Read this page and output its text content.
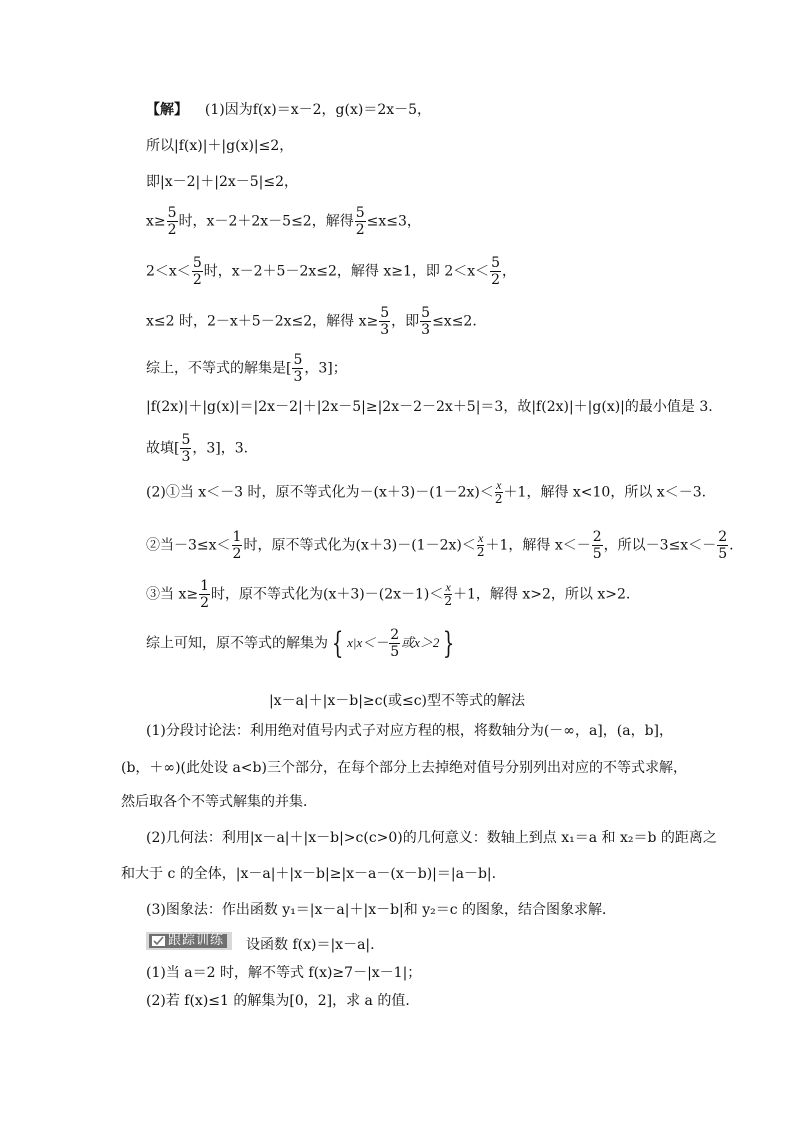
【解】 (1)因为f(x)＝x－2，g(x)＝2x－5，
所以|f(x)|＋|g(x)|≤2，
即|x－2|＋|2x－5|≤2，
$x\ge \frac{5}{2}$ 时，x－2＋2x－5≤2，解得 $\frac{5}{2} \le x\le 3$，
$2<x< \frac{5}{2}$ 时，x－2＋5－2x≤2，解得 x≥1，即 $2<x< \frac{5}{2}$ ，
x≤2 时，2－x＋5－2x≤2，解得 $x\ge \frac{5}{3}$ ，即 $\frac{5}{3} \le x\le 2$.
综上，不等式的解集是[ $\frac{5}{3}$ ，3]；
|f(2x)|＋|g(x)|＝|2x－2|＋|2x－5|≥|2x－2－2x＋5|＝3，故|f(2x)|＋|g(x)|的最小值是 3.
故填[ $\frac{5}{3}$ ，3]，3.
(2)①当 x＜－3 时，原不等式化为$-(x+3)-(1-2x)< \frac{x}{2} +1$，解得 x<10，所以 x＜－3.
②当$-3\le x< \frac{1}{2}$ 时，原不等式化为$(x+3)-(1-2x)< \frac{x}{2} +1$，解得 $x<- \frac{2}{5}$ ，所以$-3\le x<- \frac{2}{5}$ .
③当 $x\ge \frac{1}{2}$ 时，原不等式化为$(x+3)-(2x-1)< \frac{x}{2} +1$，解得 x>2，所以 x>2.
综上可知，原不等式的解集为 { $x|x<- \frac{2}{5}$ 或x＞2 }
|x－a|＋|x－b|≥c(或≤c)型不等式的解法
(1)分段讨论法：利用绝对值号内式子对应方程的根，将数轴分为(－∞，a]，(a，b]，
(b，＋∞)(此处设 a<b)三个部分，在每个部分上去掉绝对值号分别列出对应的不等式求解，
然后取各个不等式解集的并集．
(2)几何法：利用|x－a|＋|x－b|>c(c>0)的几何意义：数轴上到点 x₁＝a 和 x₂＝b 的距离之
和大于 c 的全体，|x－a|＋|x－b|≥|x－a－(x－b)|＝|a－b|.
(3)图象法：作出函数 y₁＝|x－a|＋|x－b|和 y₂＝c 的图象，结合图象求解．
跟踪训练 设函数 f(x)＝|x－a|.
(1)当 a＝2 时，解不等式 f(x)≥7－|x－1|；
(2)若 f(x)≤1 的解集为[0，2]，求 a 的值．
